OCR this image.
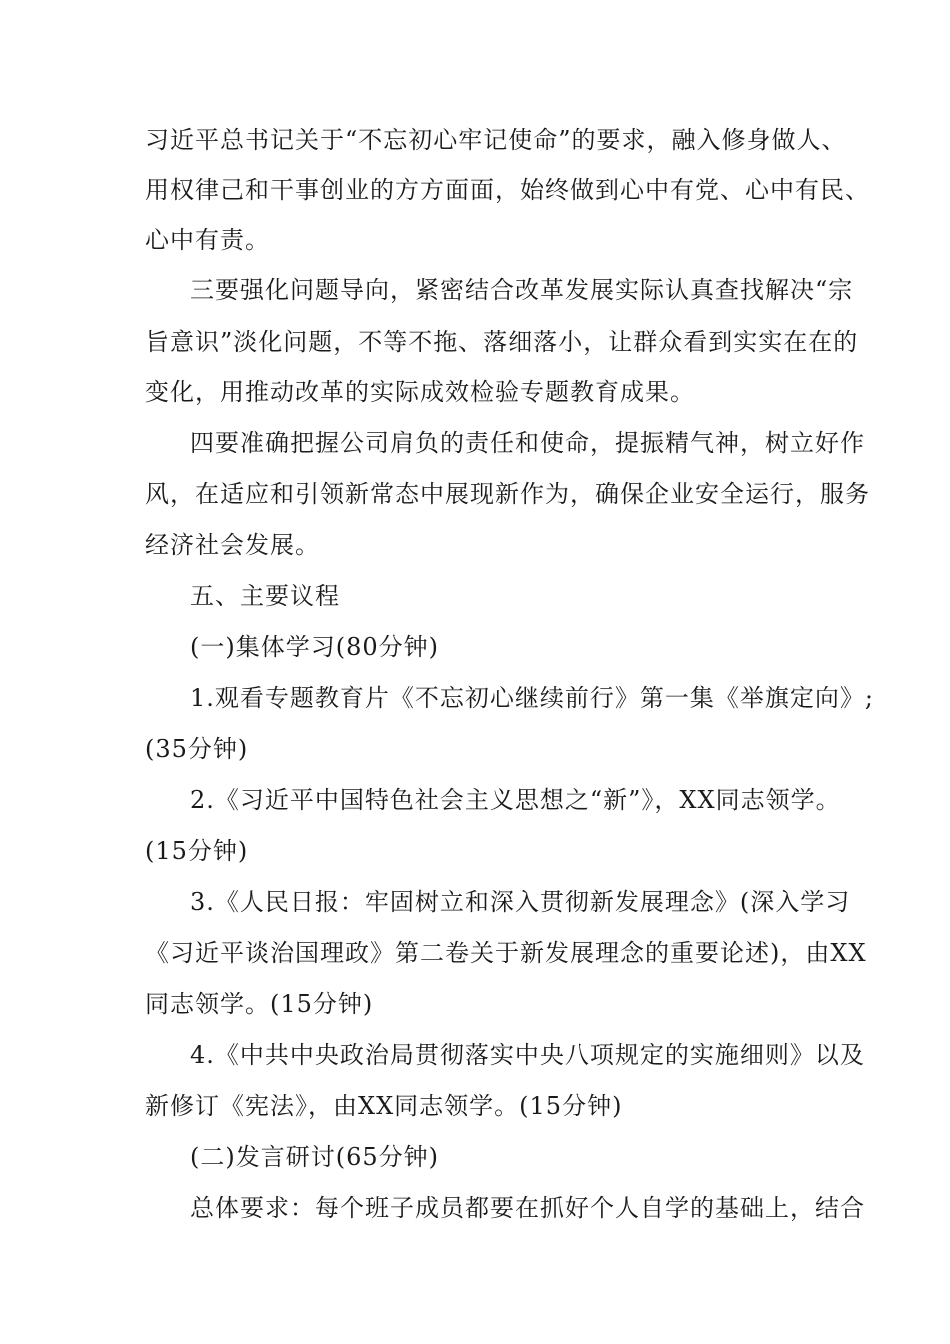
习近平总书记关于“不忘初心牢记使命”的要求，融入修身做人、
用权律己和干事创业的方方面面，始终做到心中有党、心中有民、
心中有责。
三要强化问题导向，紧密结合改革发展实际认真查找解决“宗
旨意识”淡化问题，不等不拖、落细落小，让群众看到实实在在的
变化，用推动改革的实际成效检验专题教育成果。
四要准确把握公司肩负的责任和使命，提振精气神，树立好作
风，在适应和引领新常态中展现新作为，确保企业安全运行，服务
经济社会发展。
五、主要议程
(一)集体学习(80分钟)
1.观看专题教育片《不忘初心继续前行》第一集《举旗定向》;
(35分钟)
2.《习近平中国特色社会主义思想之“新”》，XX同志领学。
(15分钟)
3.《人民日报：牢固树立和深入贯彻新发展理念》(深入学习
《习近平谈治国理政》第二卷关于新发展理念的重要论述)，由XX
同志领学。(15分钟)
4.《中共中央政治局贯彻落实中央八项规定的实施细则》以及
新修订《宪法》，由XX同志领学。(15分钟)
(二)发言研讨(65分钟)
总体要求：每个班子成员都要在抓好个人自学的基础上，结合
